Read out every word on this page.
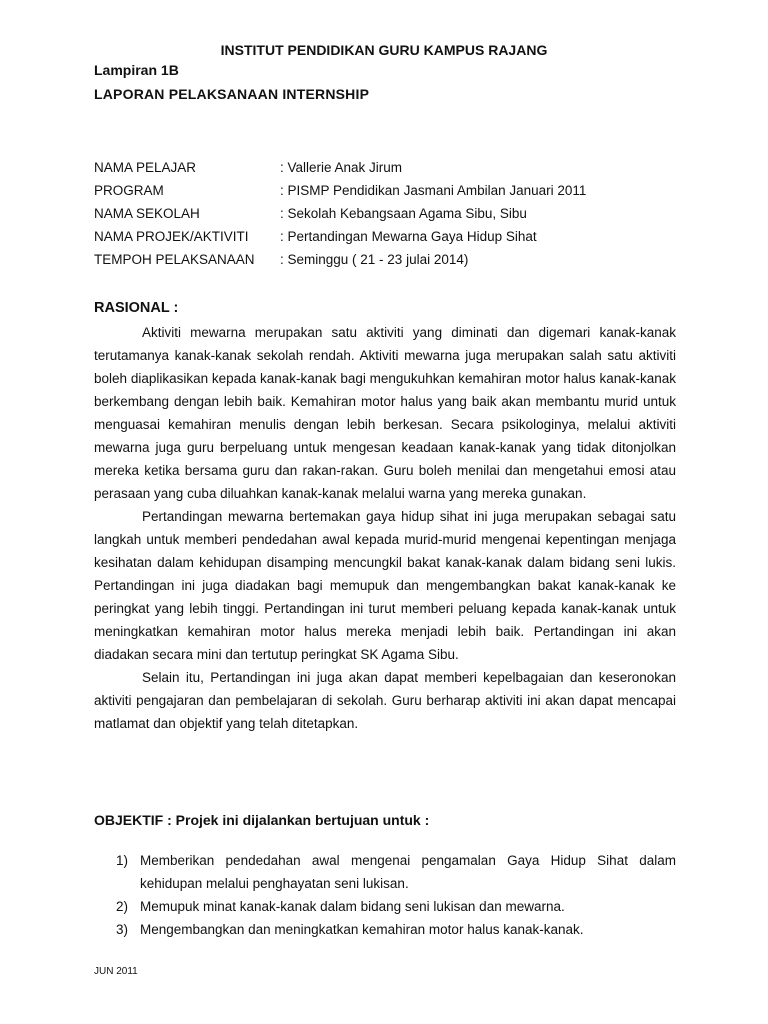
INSTITUT PENDIDIKAN GURU KAMPUS RAJANG
Lampiran 1B
LAPORAN PELAKSANAAN INTERNSHIP
NAMA PELAJAR	: Vallerie Anak Jirum
PROGRAM	: PISMP Pendidikan Jasmani Ambilan Januari 2011
NAMA SEKOLAH	: Sekolah Kebangsaan Agama Sibu, Sibu
NAMA PROJEK/AKTIVITI	: Pertandingan Mewarna Gaya Hidup Sihat
TEMPOH PELAKSANAAN	: Seminggu ( 21 - 23 julai 2014)
RASIONAL :

Aktiviti mewarna merupakan satu aktiviti yang diminati dan digemari kanak-kanak terutamanya kanak-kanak sekolah rendah. Aktiviti mewarna juga merupakan salah satu aktiviti boleh diaplikasikan kepada kanak-kanak bagi mengukuhkan kemahiran motor halus kanak-kanak berkembang dengan lebih baik. Kemahiran motor halus yang baik akan membantu murid untuk menguasai kemahiran menulis dengan lebih berkesan. Secara psikologinya, melalui aktiviti mewarna juga guru berpeluang untuk mengesan keadaan kanak-kanak yang tidak ditonjolkan mereka ketika bersama guru dan rakan-rakan. Guru boleh menilai dan mengetahui emosi atau perasaan yang cuba diluahkan kanak-kanak melalui warna yang mereka gunakan.

Pertandingan mewarna bertemakan gaya hidup sihat ini juga merupakan sebagai satu langkah untuk memberi pendedahan awal kepada murid-murid mengenai kepentingan menjaga kesihatan dalam kehidupan disamping mencungkil bakat kanak-kanak dalam bidang seni lukis. Pertandingan ini juga diadakan bagi memupuk dan mengembangkan bakat kanak-kanak ke peringkat yang lebih tinggi. Pertandingan ini turut memberi peluang kepada kanak-kanak untuk meningkatkan kemahiran motor halus mereka menjadi lebih baik. Pertandingan ini akan diadakan secara mini dan tertutup peringkat SK Agama Sibu.

Selain itu, Pertandingan ini juga akan dapat memberi kepelbagaian dan keseronokan aktiviti pengajaran dan pembelajaran di sekolah. Guru berharap aktiviti ini akan dapat mencapai matlamat dan objektif yang telah ditetapkan.

OBJEKTIF : Projek ini dijalankan bertujuan untuk :
1) Memberikan pendedahan awal mengenai pengamalan Gaya Hidup Sihat dalam kehidupan melalui penghayatan seni lukisan.
2) Memupuk minat kanak-kanak dalam bidang seni lukisan dan mewarna.
3) Mengembangkan dan meningkatkan kemahiran motor halus kanak-kanak.
JUN 2011
